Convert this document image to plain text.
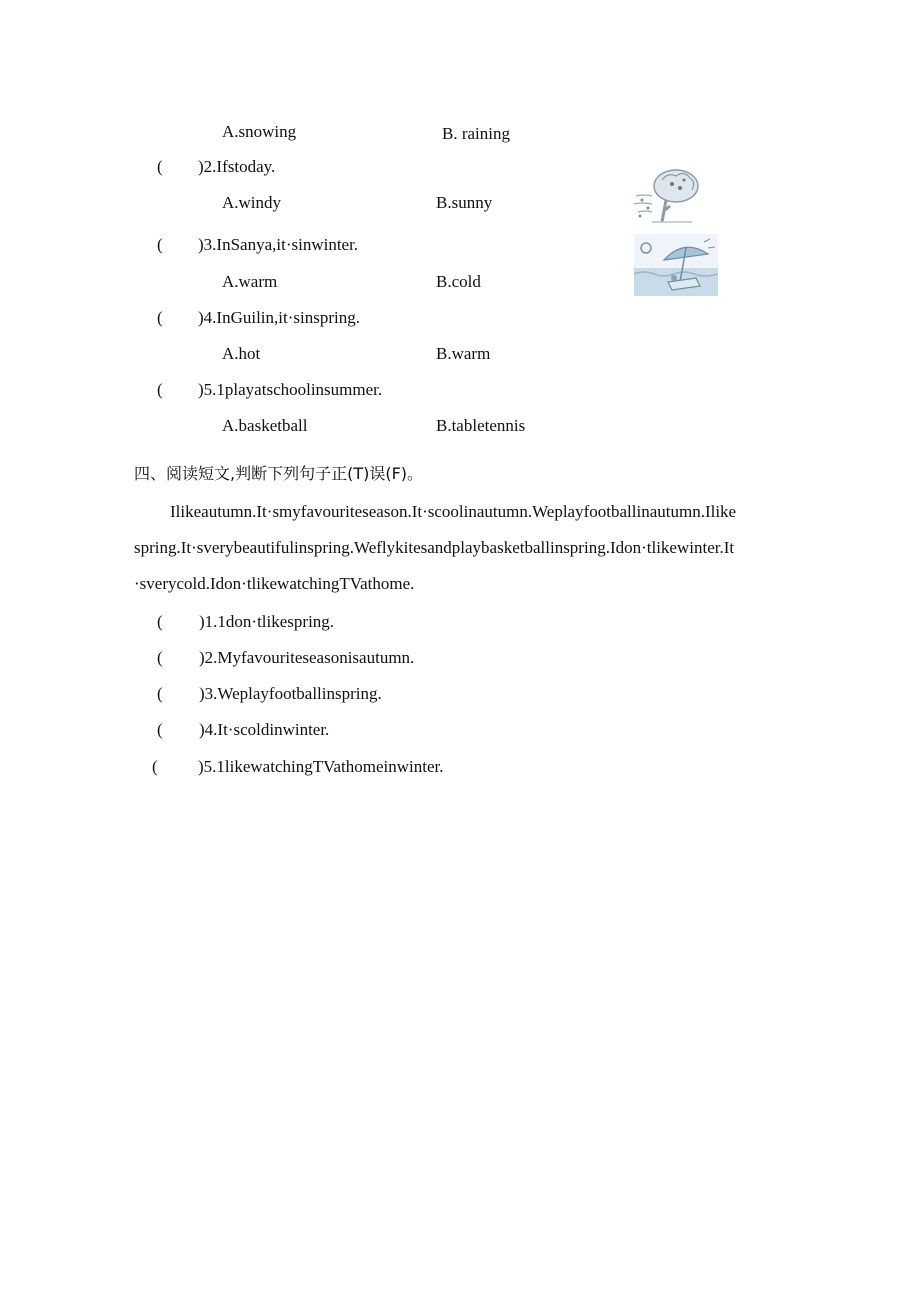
A.snowing	B. raining
( )2.Ifstoday.
A.windy	B.sunny
( )3.InSanya,it·sinwinter.
A.warm	B.cold
( )4.InGuilin,it·sinspring.
A.hot	B.warm
( )5.1playatschoolinsummer.
A.basketball	B.tabletennis
四、阅读短文,判断下列句子正(T)误(F)。
Ilikeautumn.It·smyfavouriteseason.It·scoolinautumn.Weplayfootballinautumn.Ilike
spring.It·sverybeautifulinspring.Weflykitesandplaybasketballinspring.Idon·tlikewinter.It
·sverycold.Idon·tlikewatchingTVathome.
( )1.1don·tlikespring.
( )2.Myfavouriteseasonisautumn.
( )3.Weplayfootballinspring.
( )4.It·scoldinwinter.
( )5.1likewatchingTVathomeinwinter.
